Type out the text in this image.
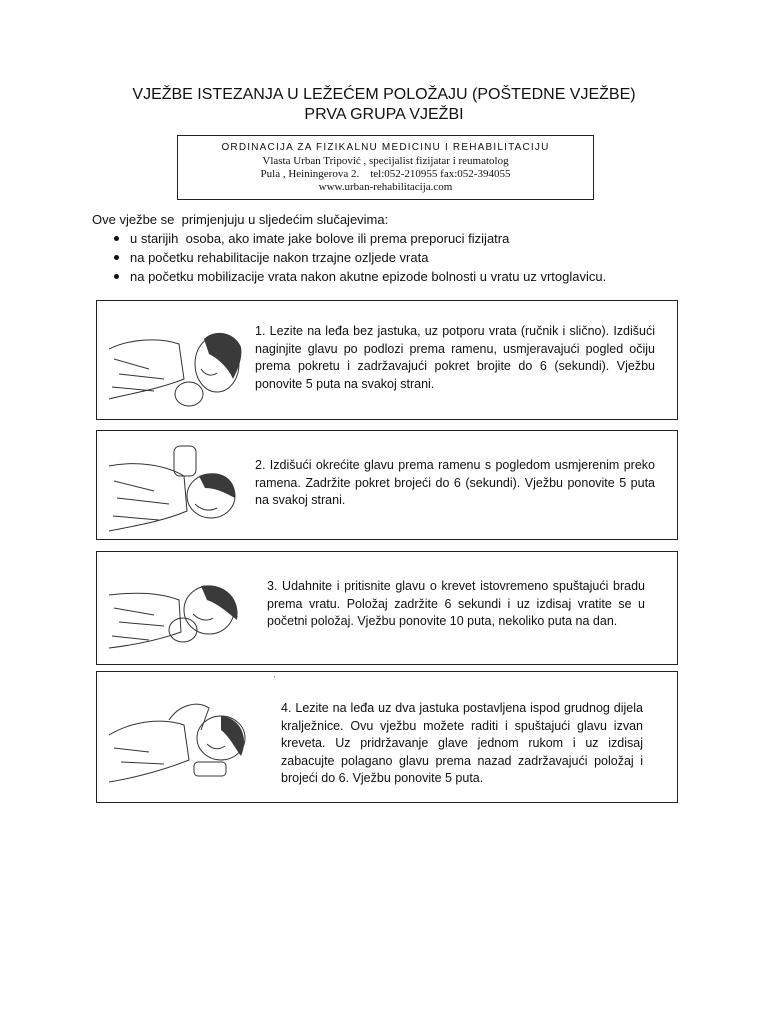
VJEŽBE ISTEZANJA U LEŽEĆEM POLOŽAJU (POŠTEDNE VJEŽBE)
PRVA GRUPA VJEŽBI
ORDINACIJA ZA FIZIKALNU MEDICINU I REHABILITACIJU
Vlasta Urban Tripović , specijalist fizijatar i reumatolog
Pula , Heiningerova 2.    tel:052-210955 fax:052-394055
www.urban-rehabilitacija.com
Ove vježbe se  primjenjuju u sljedećim slučajevima:
u starijih  osoba, ako imate jake bolove ili prema preporuci fizijatra
na početku rehabilitacije nakon trzajne ozljede vrata
na početku mobilizacije vrata nakon akutne epizode bolnosti u vratu uz vrtoglavicu.
1. Lezite na leđa bez jastuka, uz potporu vrata (ručnik i slično). Izdišući naginjite glavu po podlozi prema ramenu, usmjeravajući pogled očiju prema pokretu i zadržavajući pokret brojite do 6 (sekundi). Vježbu ponovite 5 puta na svakoj strani.
2. Izdišući okrećite glavu prema ramenu s pogledom usmjerenim preko ramena. Zadržite pokret brojeći do 6 (sekundi). Vježbu ponovite 5 puta na svakoj strani.
3. Udahnite i pritisnite glavu o krevet istovremeno spuštajući bradu prema vratu. Položaj zadržite 6 sekundi i uz izdisaj vratite se u početni položaj. Vježbu ponovite 10 puta, nekoliko puta na dan.
'
4. Lezite na leđa uz dva jastuka postavljena ispod grudnog dijela kralježnice. Ovu vježbu možete raditi i spuštajući glavu izvan kreveta. Uz pridržavanje glave jednom rukom i uz izdisaj zabacujte polagano glavu prema nazad zadržavajući položaj i brojeći do 6. Vježbu ponovite 5 puta.
